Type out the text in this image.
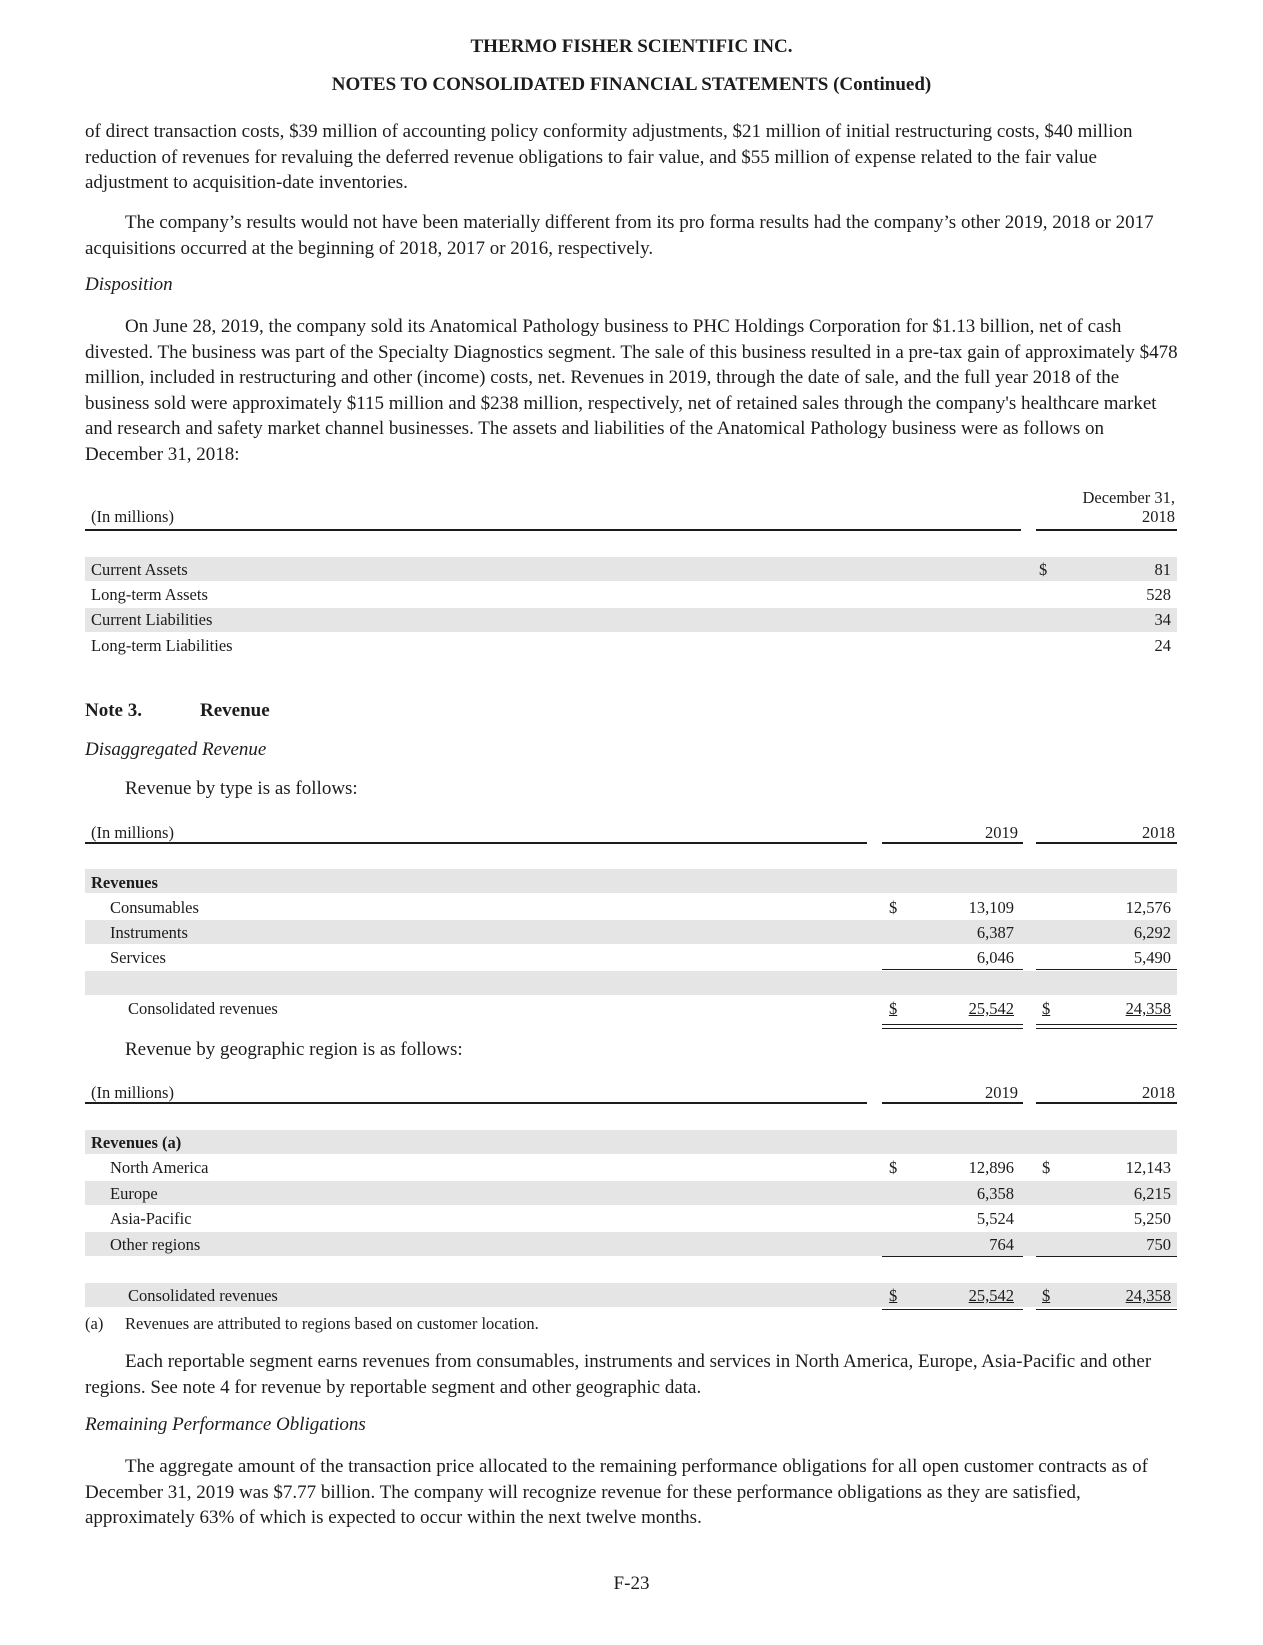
THERMO FISHER SCIENTIFIC INC.
NOTES TO CONSOLIDATED FINANCIAL STATEMENTS (Continued)

of direct transaction costs, $39 million of accounting policy conformity adjustments, $21 million of initial restructuring costs, $40 million reduction of revenues for revaluing the deferred revenue obligations to fair value, and $55 million of expense related to the fair value adjustment to acquisition-date inventories.

The company’s results would not have been materially different from its pro forma results had the company’s other 2019, 2018 or 2017 acquisitions occurred at the beginning of 2018, 2017 or 2016, respectively.

Disposition

On June 28, 2019, the company sold its Anatomical Pathology business to PHC Holdings Corporation for $1.13 billion, net of cash divested. The business was part of the Specialty Diagnostics segment. The sale of this business resulted in a pre-tax gain of approximately $478 million, included in restructuring and other (income) costs, net. Revenues in 2019, through the date of sale, and the full year 2018 of the business sold were approximately $115 million and $238 million, respectively, net of retained sales through the company's healthcare market and research and safety market channel businesses. The assets and liabilities of the Anatomical Pathology business were as follows on December 31, 2018:

(In millions)
December 31,
2018
Current Assets	$	81
Long-term Assets	528
Current Liabilities	34
Long-term Liabilities	24
Note 3.	Revenue
Disaggregated Revenue
Revenue by type is as follows:
(In millions)	2019	2018
Revenues
Consumables	$	13,109	12,576
Instruments	6,387	6,292
Services	6,046	5,490
Consolidated revenues	$	25,542 $	24,358
Revenue by geographic region is as follows:
(In millions)	2019	2018
Revenues (a)
North America	$	12,896 $	12,143
Europe	6,358	6,215
Asia-Pacific	5,524	5,250
Other regions	764	750
Consolidated revenues	$	25,542 $	24,358
(a) Revenues are attributed to regions based on customer location.

Each reportable segment earns revenues from consumables, instruments and services in North America, Europe, Asia-Pacific and other regions. See note 4 for revenue by reportable segment and other geographic data.

Remaining Performance Obligations

The aggregate amount of the transaction price allocated to the remaining performance obligations for all open customer contracts as of December 31, 2019 was $7.77 billion. The company will recognize revenue for these performance obligations as they are satisfied, approximately 63% of which is expected to occur within the next twelve months.

F-23
